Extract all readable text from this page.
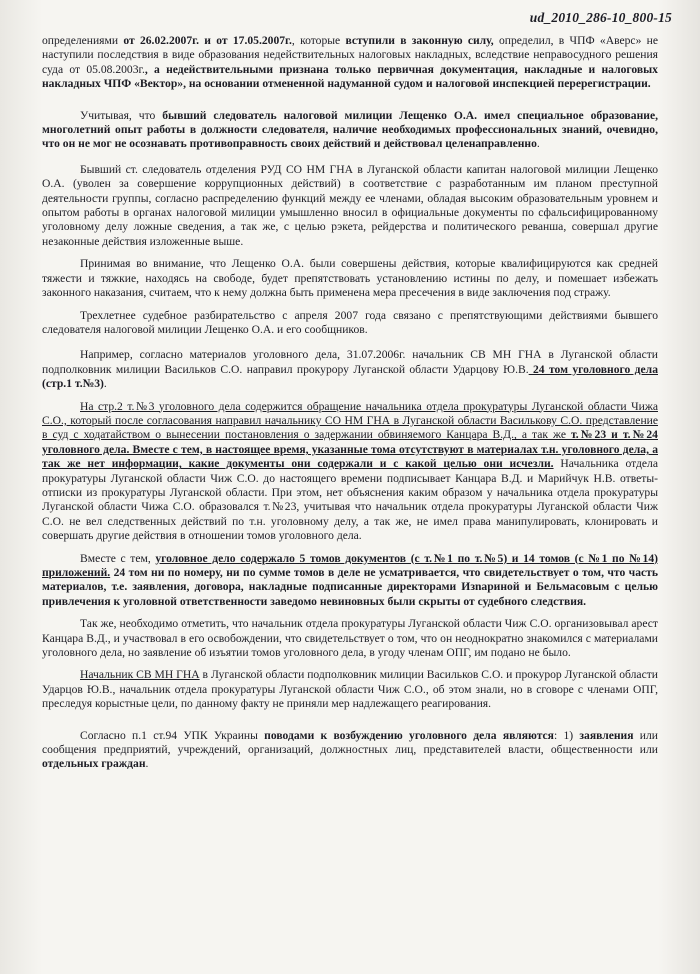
ud_2010_286-10_800-15

определениями от 26.02.2007г. и от 17.05.2007г., которые вступили в законную силу, определил, в ЧПФ «Аверс» не наступили последствия в виде образования недействительных налоговых накладных, вследствие неправосудного решения суда от 05.08.2003г., а недействительными признана только первичная документация, накладные и налоговых накладных ЧПФ «Вектор», на основании отмененной надуманной судом и налоговой инспекцией перерегистрации.

Учитывая, что бывший следователь налоговой милиции Лещенко О.А. имел специальное образование, многолетний опыт работы в должности следователя, наличие необходимых профессиональных знаний, очевидно, что он не мог не осознавать противоправность своих действий и действовал целенаправленно.

Бывший ст. следователь отделения РУД СО НМ ГНА в Луганской области капитан налоговой милиции Лещенко О.А. (уволен за совершение коррупционных действий) в соответствие с разработанным им планом преступной деятельности группы, согласно распределению функций между ее членами, обладая высоким образовательным уровнем и опытом работы в органах налоговой милиции умышленно вносил в официальные документы по сфальсифицированному уголовному делу ложные сведения, а так же, с целью рэкета, рейдерства и политического реванша, совершал другие незаконные действия изложенные выше.

Принимая во внимание, что Лещенко О.А. были совершены действия, которые квалифицируются как средней тяжести и тяжкие, находясь на свободе, будет препятствовать установлению истины по делу, и помешает избежать законного наказания, считаем, что к нему должна быть применена мера пресечения в виде заключения под стражу.

Трехлетнее судебное разбирательство с апреля 2007 года связано с препятствующими действиями бывшего следователя налоговой милиции Лещенко О.А. и его сообщников.

Например, согласно материалов уголовного дела, 31.07.2006г. начальник СВ МН ГНА в Луганской области подполковник милиции Васильков С.О. направил прокурору Луганской области Ударцову Ю.В. 24 том уголовного дела (стр.1 т.№3).

На стр.2 т.№3 уголовного дела содержится обращение начальника отдела прокуратуры Луганской области Чижа С.О., который после согласования направил начальнику СО НМ ГНА в Луганской области Василькову С.О. представление в суд с ходатайством о вынесении постановления о задержании обвиняемого Канцара В.Д., а так же т.№23 и т.№24 уголовного дела. Вместе с тем, в настоящее время, указанные тома отсутствуют в материалах т.н. уголовного дела, а так же нет информации, какие документы они содержали и с какой целью они исчезли. Начальника отдела прокуратуры Луганской области Чиж С.О. до настоящего времени подписывает Канцара В.Д. и Марийчук Н.В. ответы-отписки из прокуратуры Луганской области. При этом, нет объяснения каким образом у начальника отдела прокуратуры Луганской области Чижа С.О. образовался т.№23, учитывая что начальник отдела прокуратуры Луганской области Чиж С.О. не вел следственных действий по т.н. уголовному делу, а так же, не имел права манипулировать, клонировать и совершать другие действия в отношении томов уголовного дела.

Вместе с тем, уголовное дело содержало 5 томов документов (с т.№1 по т.№5) и 14 томов (с №1 по №14) приложений. 24 том ни по номеру, ни по сумме томов в деле не усматривается, что свидетельствует о том, что часть материалов, т.е. заявления, договора, накладные подписанные директорами Изnариной и Бельмасовым с целью привлечения к уголовной ответственности заведомо невиновных были скрыты от судебного следствия.

Так же, необходимо отметить, что начальник отдела прокуратуры Луганской области Чиж С.О. организовывал арест Канцара В.Д., и участвовал в его освобождении, что свидетельствует о том, что он неоднократно знакомился с материалами уголовного дела, но заявление об изъятии томов уголовного дела, в угоду членам ОПГ, им подано не было.

Начальник СВ МН ГНА в Луганской области подполковник милиции Васильков С.О. и прокурор Луганской области Ударцов Ю.В., начальник отдела прокуратуры Луганской области Чиж С.О., об этом знали, но в сговоре с членами ОПГ, преследуя корыстные цели, по данному факту не приняли мер надлежащего реагирования.

Согласно п.1 ст.94 УПК Украины поводами к возбуждению уголовного дела являются: 1) заявления или сообщения предприятий, учреждений, организаций, должностных лиц, представителей власти, общественности или отдельных граждан.
